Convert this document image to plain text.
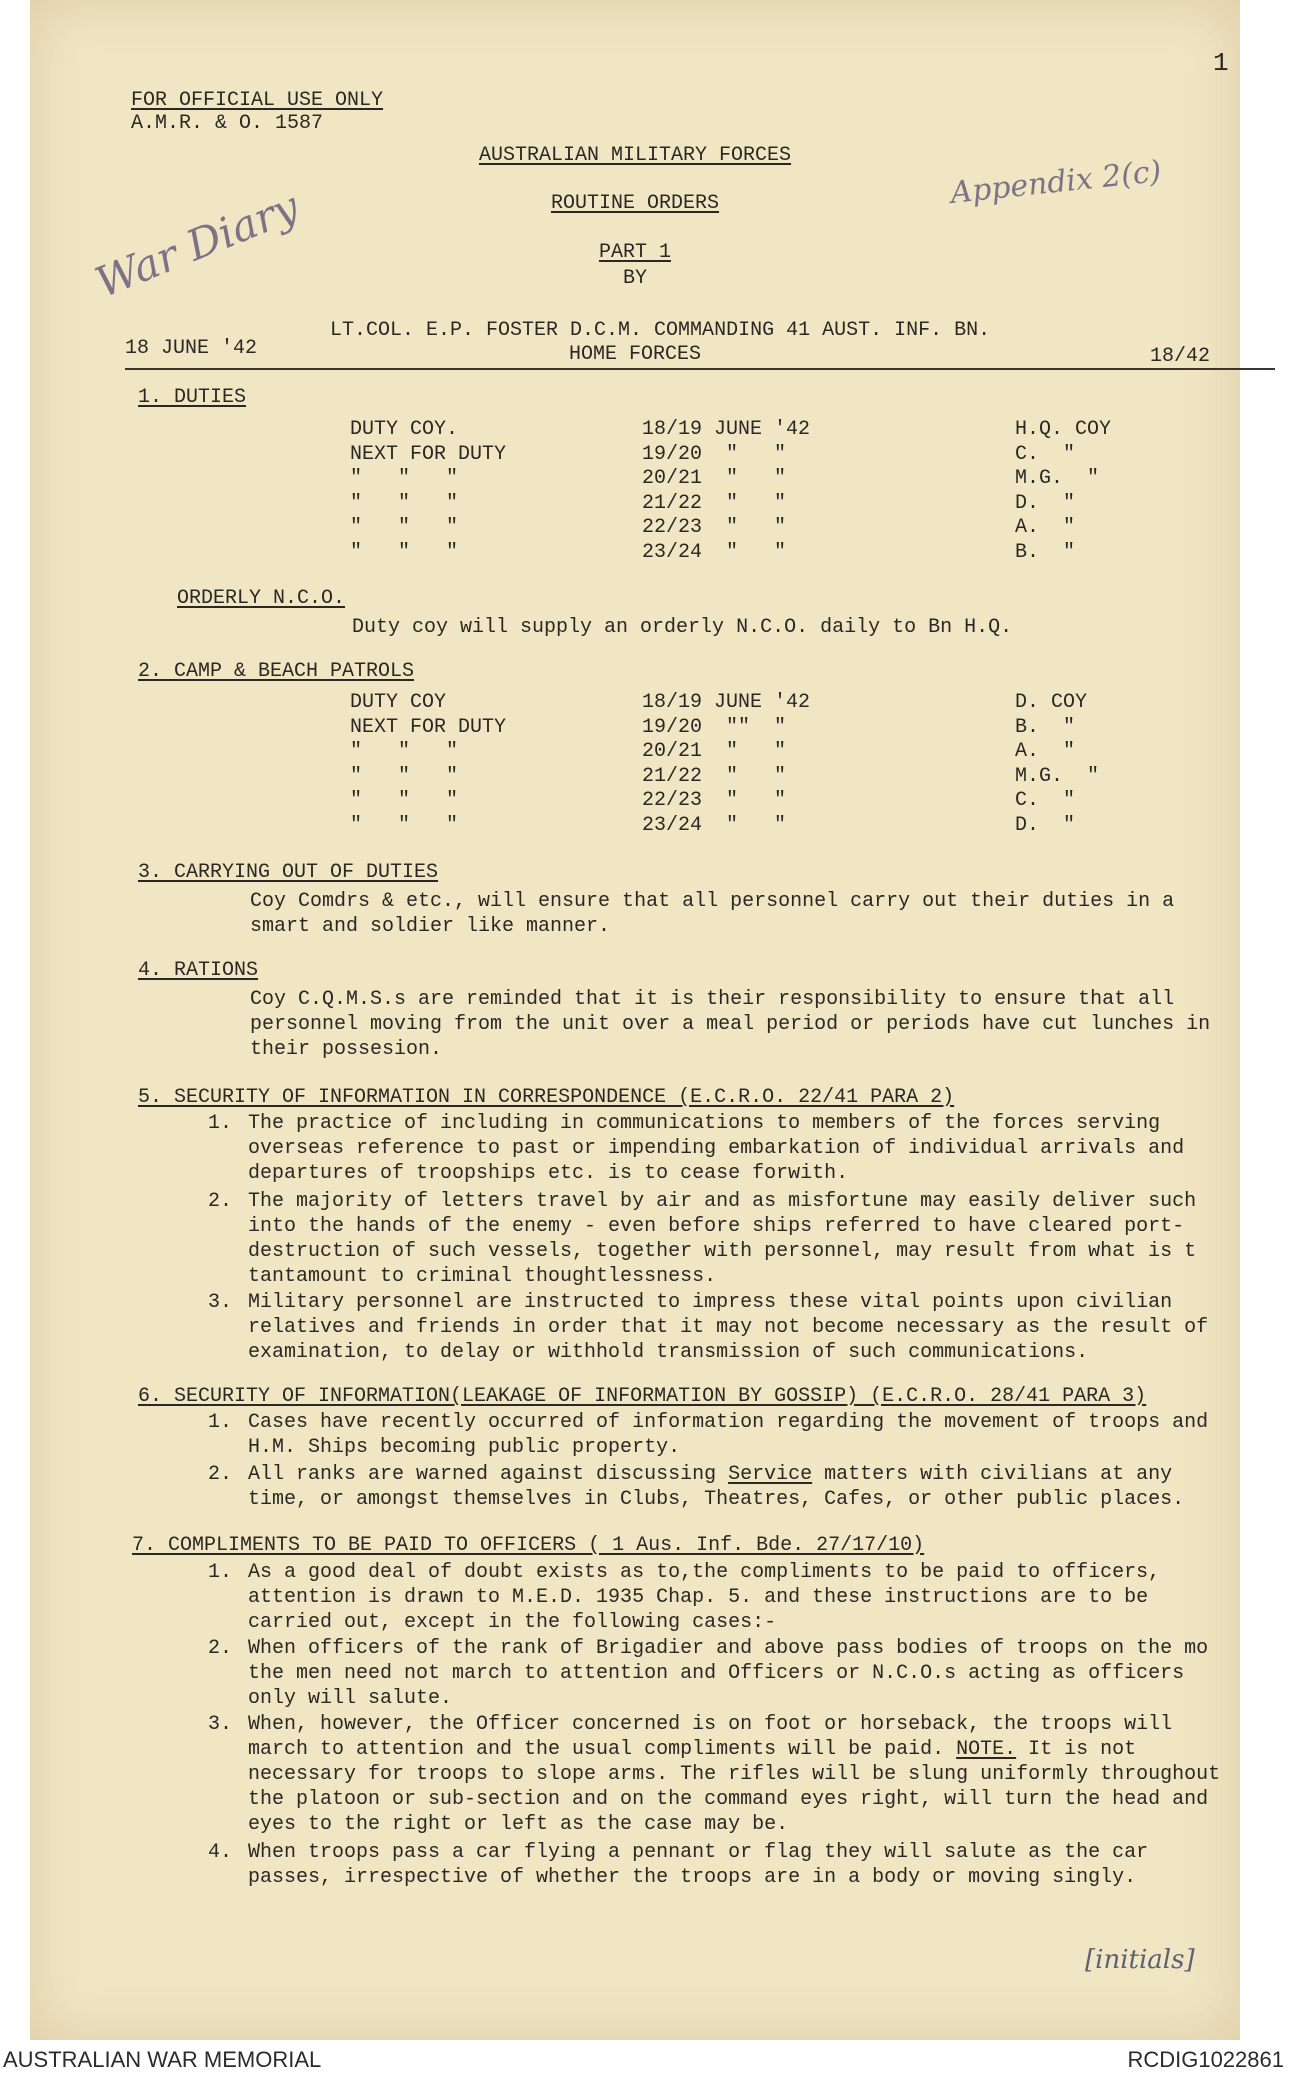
FOR OFFICIAL USE ONLY
A.M.R. & O. 1587
AUSTRALIAN MILITARY FORCES
ROUTINE ORDERS
PART 1
BY
LT.COL. E.P. FOSTER D.C.M. COMMANDING 41 AUST. INF. BN.
18 JUNE '42	HOME FORCES	18/42
1
War Diary	Appendix 2(c)
[initials]
1. DUTIES
DUTY COY.	18/19 JUNE '42	H.Q. COY
NEXT FOR DUTY	19/20  "   "	C.  "
"   "   "	20/21  "   "	M.G.  "
"   "   "	21/22  "   "	D.  "
"   "   "	22/23  "   "	A.  "
"   "   "	23/24  "   "	B.  "
ORDERLY N.C.O.
Duty coy will supply an orderly N.C.O. daily to Bn H.Q.
2. CAMP & BEACH PATROLS
DUTY COY	18/19 JUNE '42	D. COY
NEXT FOR DUTY	19/20  ""  "	B.  "
"   "   "	20/21  "   "	A.  "
"   "   "	21/22  "   "	M.G.  "
"   "   "	22/23  "   "	C.  "
"   "   "	23/24  "   "	D.  "
3. CARRYING OUT OF DUTIES
Coy Comdrs & etc., will ensure that all personnel carry out their duties in a smart and soldier like manner.
4. RATIONS
Coy C.Q.M.S.s are reminded that it is their responsibility to ensure that all personnel moving from the unit over a meal period or periods have cut lunches in their possesion.
5. SECURITY OF INFORMATION IN CORRESPONDENCE (E.C.R.O. 22/41 PARA 2)
1. The practice of including in communications to members of the forces serving overseas reference to past or impending embarkation of individual arrivals and departures of troopships etc. is to cease forwith.
2. The majority of letters travel by air and as misfortune may easily deliver such into the hands of the enemy - even before ships referred to have cleared port-destruction of such vessels, together with personnel, may result from what is t tantamount to criminal thoughtlessness.
3. Military personnel are instructed to impress these vital points upon civilian relatives and friends in order that it may not become necessary as the result of examination, to delay or withhold transmission of such communications.
6. SECURITY OF INFORMATION(LEAKAGE OF INFORMATION BY GOSSIP) (E.C.R.O. 28/41 PARA 3)
1. Cases have recently occurred of information regarding the movement of troops and H.M. Ships becoming public property.
2. All ranks are warned against discussing Service matters with civilians at any time, or amongst themselves in Clubs, Theatres, Cafes, or other public places.
7. COMPLIMENTS TO BE PAID TO OFFICERS ( 1 Aus. Inf. Bde. 27/17/10)
1. As a good deal of doubt exists as to,the compliments to be paid to officers, attention is drawn to M.E.D. 1935 Chap. 5. and these instructions are to be carried out, except in the following cases:-
2. When officers of the rank of Brigadier and above pass bodies of troops on the mo the men need not march to attention and Officers or N.C.O.s acting as officers only will salute.
3. When, however, the Officer concerned is on foot or horseback, the troops will march to attention and the usual compliments will be paid. NOTE. It is not necessary for troops to slope arms. The rifles will be slung uniformly throughout the platoon or sub-section and on the command eyes right, will turn the head and eyes to the right or left as the case may be.
4. When troops pass a car flying a pennant or flag they will salute as the car passes, irrespective of whether the troops are in a body or moving singly.
AUSTRALIAN WAR MEMORIAL	RCDIG1022861
